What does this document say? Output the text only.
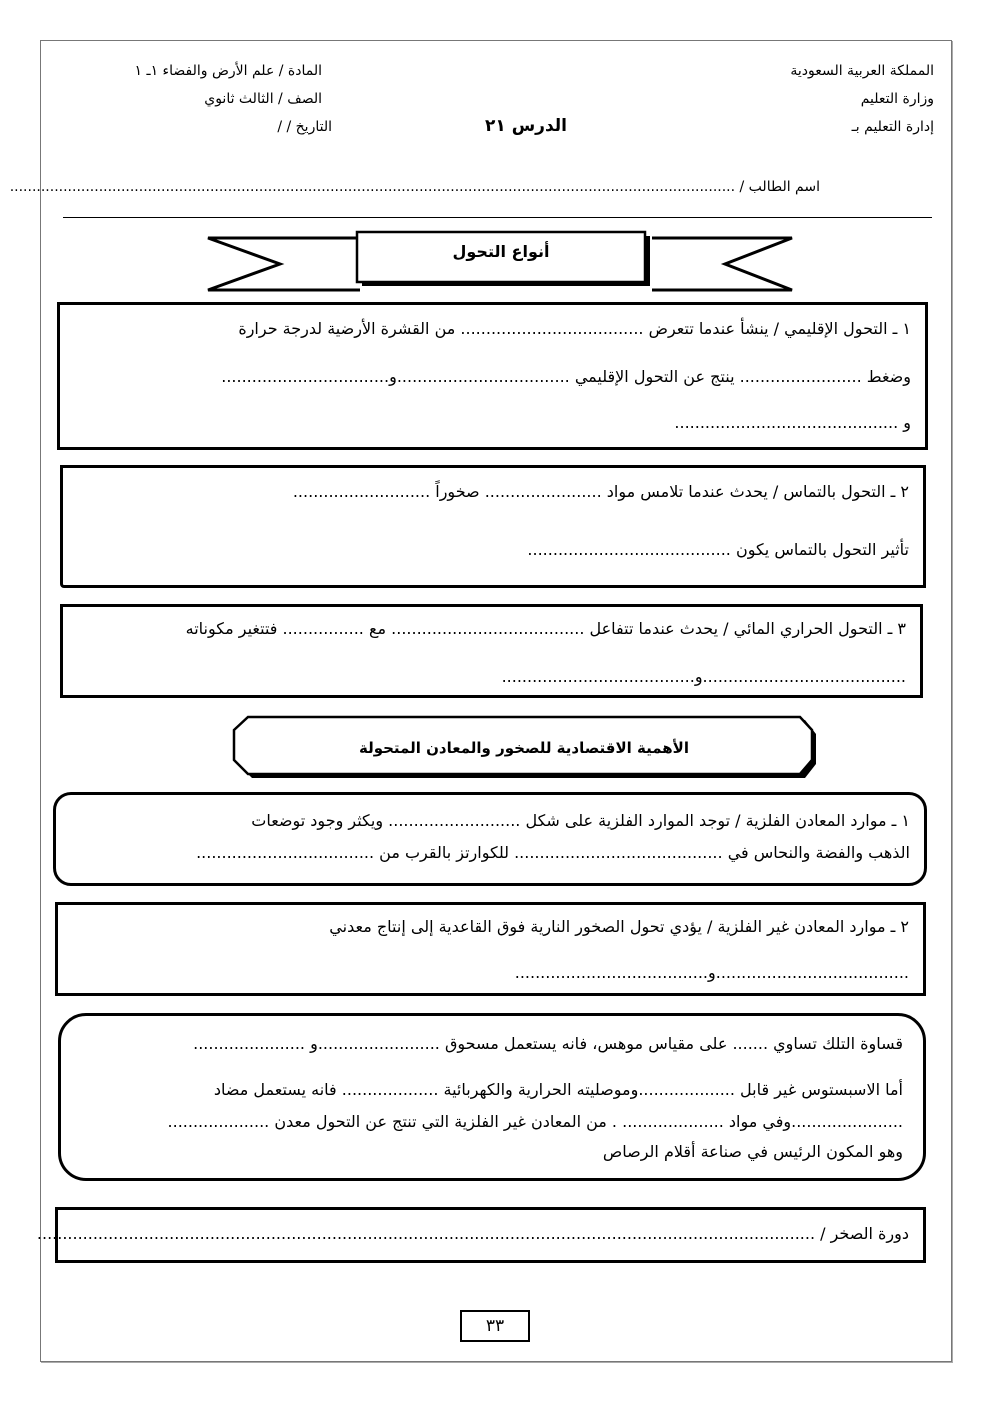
المملكة العربية السعودية
وزارة التعليم
إدارة التعليم بـ
المادة / علم الأرض والفضاء ١ـ ١
الصف / الثالث ثانوي
التاريخ / /	الدرس ٢١
اسم الطالب / ...................................................................................................................................................................
أنواع التحول
١ ـ التحول الإقليمي / ينشأ عندما تتعرض .................................... من القشرة الأرضية لدرجة حرارة
وضغط ........................ ينتج عن التحول الإقليمي ..................................و.................................
و ............................................
٢ ـ التحول بالتماس / يحدث عندما تلامس مواد ....................... صخوراً ...........................
تأثير التحول بالتماس يكون ........................................
٣ ـ التحول الحراري المائي / يحدث عندما تتفاعل ...................................... مع ................ فتتغير مكوناته
........................................و......................................
الأهمية الاقتصادية للصخور والمعادن المتحولة
١ ـ موارد المعادن الفلزية / توجد الموارد الفلزية على شكل .......................... ويكثر وجود توضعات
الذهب والفضة والنحاس في ......................................... للكوارتز بالقرب من ...................................
٢ ـ موارد المعادن غير الفلزية / يؤدي تحول الصخور النارية فوق القاعدية إلى إنتاج معدني
......................................و......................................
قساوة التلك تساوي ....... على مقياس موهس، فانه يستعمل مسحوق ........................و ......................
أما الاسبستوس غير قابل ...................وموصليته الحرارية والكهربائية ................... فانه يستعمل مضاد
......................وفي مواد .................... . من المعادن غير الفلزية التي تنتج عن التحول معدن ....................
وهو المكون الرئيس في صناعة أقلام الرصاص
دورة الصخر / .........................................................................................................................................................
٣٣
